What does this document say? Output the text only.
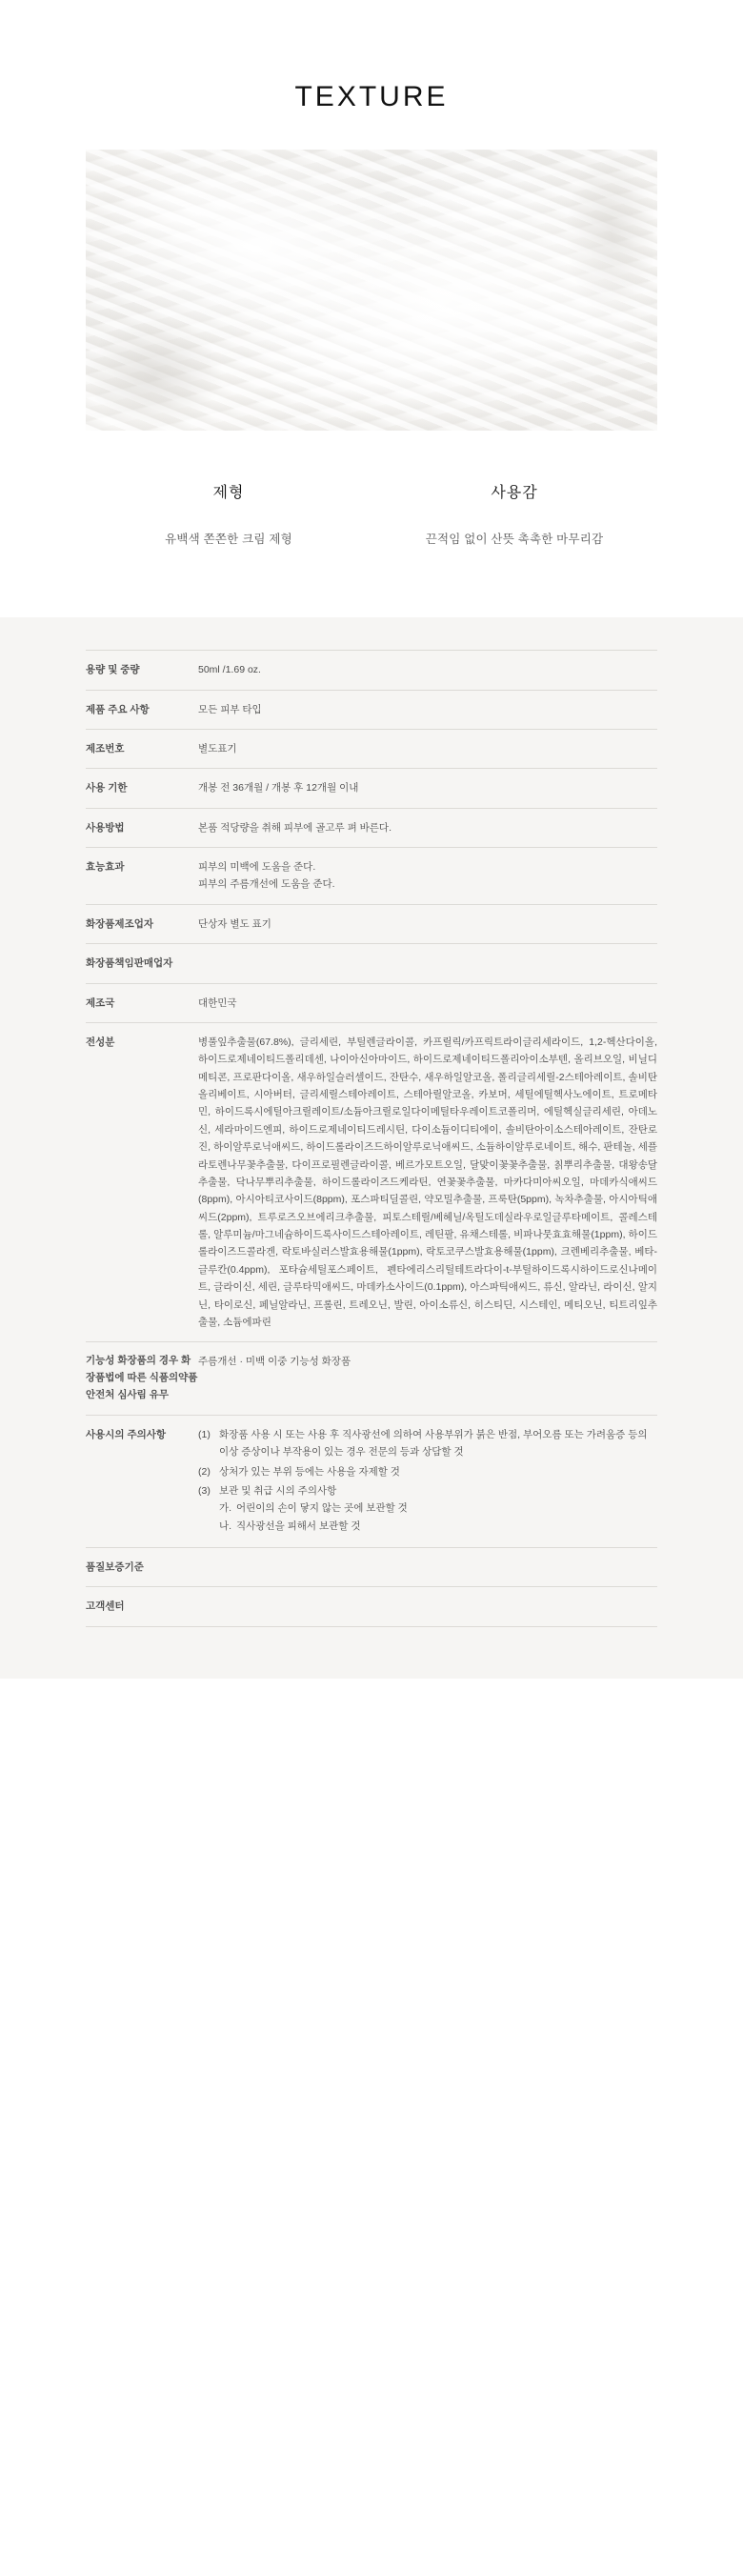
TEXTURE
제형
유백색 쫀쫀한 크림 제형
사용감
끈적임 없이 산뜻 촉촉한 마무리감
용량 및 중량	50ml /1.69 oz.
제품 주요 사항	모든 피부 타입
제조번호	별도표기
사용 기한	개봉 전 36개월 / 개봉 후 12개월 이내
사용방법	본품 적당량을 취해 피부에 골고루 펴 바른다.
효능효과	피부의 미백에 도움을 준다.
피부의 주름개선에 도움을 준다.

화장품제조업자	단상자 별도 표기
화장품책임판매업자	
제조국	대한민국
전성분	병풀잎추출물(67.8%), 글리세린, 부틸렌글라이콜, 카프릴릭/카프릭트라이글리세라이드, 1,2-헥산다이올, 하이드로제네이티드폴리데센, 나이아신아마이드, 하이드로제네이티드폴리아이소부텐, 올리브오일, 비닐디메티콘, 프로판다이올, 새우하일슬러셀이드, 잔탄수, 새우하일알코올, 폴리글리세릴-2스테아레이트, 솔비탄올리베이트, 시아버터, 글리세릴스테아레이트, 스테아릴알코올, 카보머, 세틸에틸헥사노에이트, 트로메타민, 하이드록시에틸아크릴레이트/소듐아크릴로일다이메틸타우레이트코폴리머, 에틸헥실글리세린, 아데노신, 세라마이드엔피, 하이드로제네이티드레시틴, 다이소듐이디티에이, 솔비탄아이소스테아레이트, 잔탄로진, 하이알루로닉애씨드, 하이드롤라이즈드하이알루로닉애씨드, 소듐하이알루로네이트, 해수, 판테놀, 세플라토렌나무꽃추출물, 다이프로필렌글라이콜, 베르가모트오일, 달맞이꽃꽃추출물, 칡뿌리추출물, 대왕송달추출물, 닥나무뿌리추출물, 하이드롤라이즈드케라틴, 연꽃꽃추출물, 마카다미아씨오일, 마데카식애씨드(8ppm), 아시아티코사이드(8ppm), 포스파티딜콜린, 약모밀추출물, 프룩탄(5ppm), 녹차추출물, 아시아틱애씨드(2ppm), 트루로즈오브에리크추출물, 피토스테릴/베헤닐/옥틸도데실라우로일글루타메이트, 콜레스테롤, 알루미늄/마그네슘하이드록사이드스테아레이트, 레틴팔, 유채스테롤, 비파나뭇효효해물(1ppm), 하이드롤라이즈드콜라겐, 락토바실러스발효용해물(1ppm), 락토코쿠스발효용해물(1ppm), 크렌베리추출물, 베타-글루칸(0.4ppm), 포타슘세틸포스페이트, 펜타에리스리틸테트라다이-t-부틸하이드록시하이드로신나메이트, 글라이신, 세린, 글루타믹애씨드, 마데카소사이드(0.1ppm), 아스파틱애씨드, 류신, 알라닌, 라이신, 알지닌, 타이로신, 페닐알라닌, 프롤린, 트레오닌, 발린, 아이소류신, 히스티딘, 시스테인, 메티오닌, 티트리잎추출물, 소듐에파린
기능성 화장품의 경우 화장품법에 따른 식품의약품안전처 심사림 유무	주름개선 · 미백 이중 기능성 화장품
사용시의 주의사항	(1) 화장품 사용 시 또는 사용 후 직사광선에 의하여 사용부위가 붉은 반점, 부어오름 또는 가려움증 등의 이상 증상이나 부작용이 있는 경우 전문의 등과 상담할 것
(2) 상처가 있는 부위 등에는 사용을 자제할 것
(3) 보관 및 취급 시의 주의사항
가. 어린이의 손이 닿지 않는 곳에 보관할 것
나. 직사광선을 피해서 보관할 것

품질보증기준	
고객센터	
